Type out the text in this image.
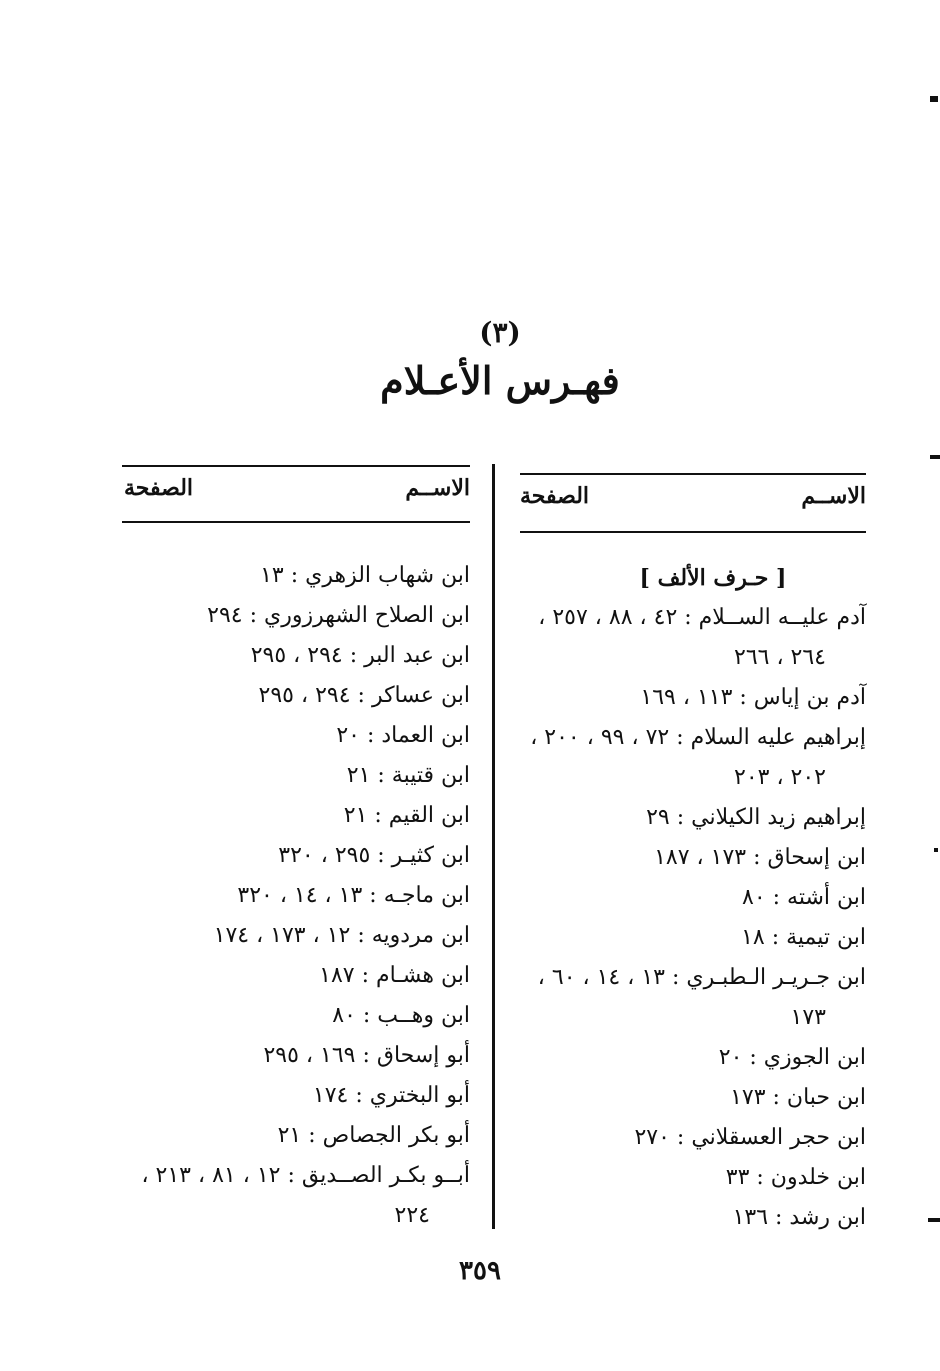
(٣)
فهـرس الأعـلام
الاســم
الصفحة
[ حـرف الألف ]
آدم عليــه الســلام : ٤٢ ، ٨٨ ، ٢٥٧ ،
٢٦٤ ، ٢٦٦
آدم بن إياس : ١١٣ ، ١٦٩
إبراهيم عليه السلام : ٧٢ ، ٩٩ ، ٢٠٠ ،
٢٠٢ ، ٢٠٣
إبراهيم زيد الكيلاني : ٢٩
ابن إسحاق : ١٧٣ ، ١٨٧
ابن أشته : ٨٠
ابن تيمية : ١٨
ابن جـريـر الـطبـري : ١٣ ، ١٤ ، ٦٠ ،
١٧٣
ابن الجوزي : ٢٠
ابن حبان : ١٧٣
ابن حجر العسقلاني : ٢٧٠
ابن خلدون : ٣٣
ابن رشد : ١٣٦
الاســم
الصفحة
ابن شهاب الزهري : ١٣
ابن الصلاح الشهرزوري : ٢٩٤
ابن عبد البر : ٢٩٤ ، ٢٩٥
ابن عساكر : ٢٩٤ ، ٢٩٥
ابن العماد : ٢٠
ابن قتيبة : ٢١
ابن القيم : ٢١
ابن كثيـر : ٢٩٥ ، ٣٢٠
ابن ماجـه : ١٣ ، ١٤ ، ٣٢٠
ابن مردويه : ١٢ ، ١٧٣ ، ١٧٤
ابن هشـام : ١٨٧
ابن وهــب : ٨٠
أبو إسحاق : ١٦٩ ، ٢٩٥
أبو البختري : ١٧٤
أبو بكر الجصاص : ٢١
أبــو بكـر الصــديق : ١٢ ، ٨١ ، ٢١٣ ،
٢٢٤
٣٥٩
